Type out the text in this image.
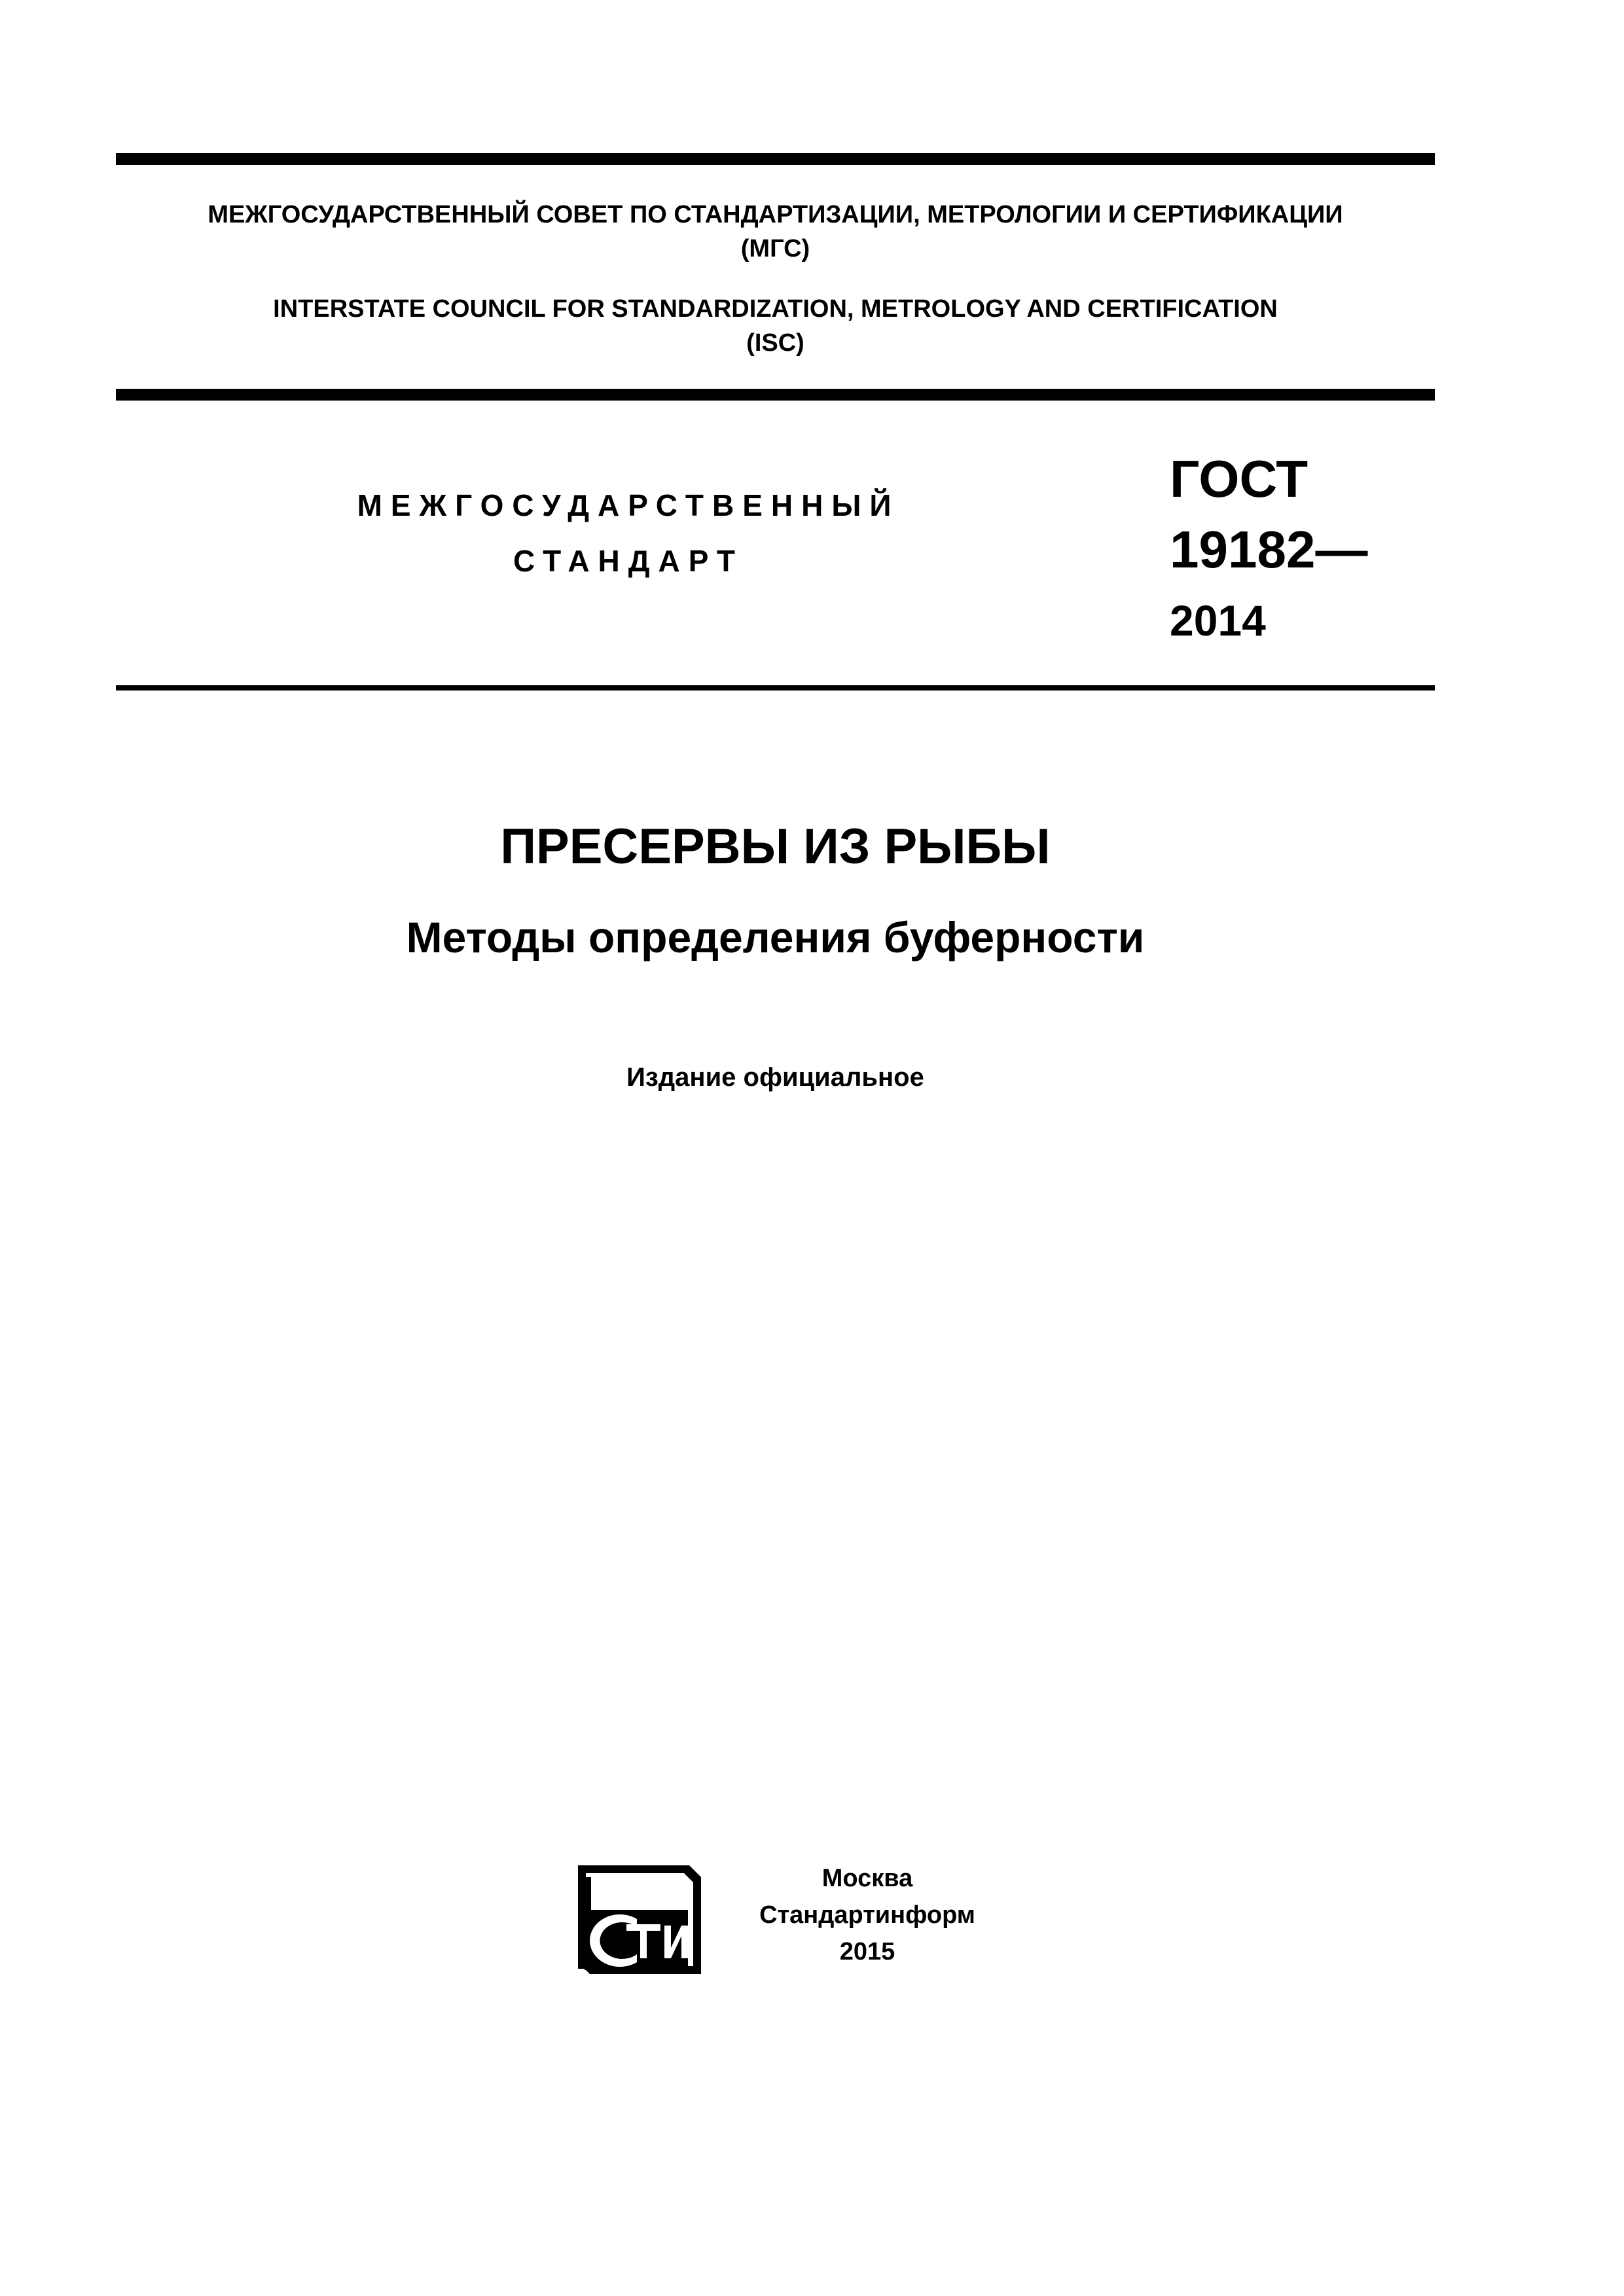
МЕЖГОСУДАРСТВЕННЫЙ СОВЕТ ПО СТАНДАРТИЗАЦИИ, МЕТРОЛОГИИ И СЕРТИФИКАЦИИ
(МГС)
INTERSTATE COUNCIL FOR STANDARDIZATION, METROLOGY AND CERTIFICATION
(ISC)
МЕЖГОСУДАРСТВЕННЫЙ
СТАНДАРТ
ГОСТ
19182—
2014
ПРЕСЕРВЫ ИЗ РЫБЫ
Методы определения буферности
Издание официальное
Москва
Стандартинформ
2015
